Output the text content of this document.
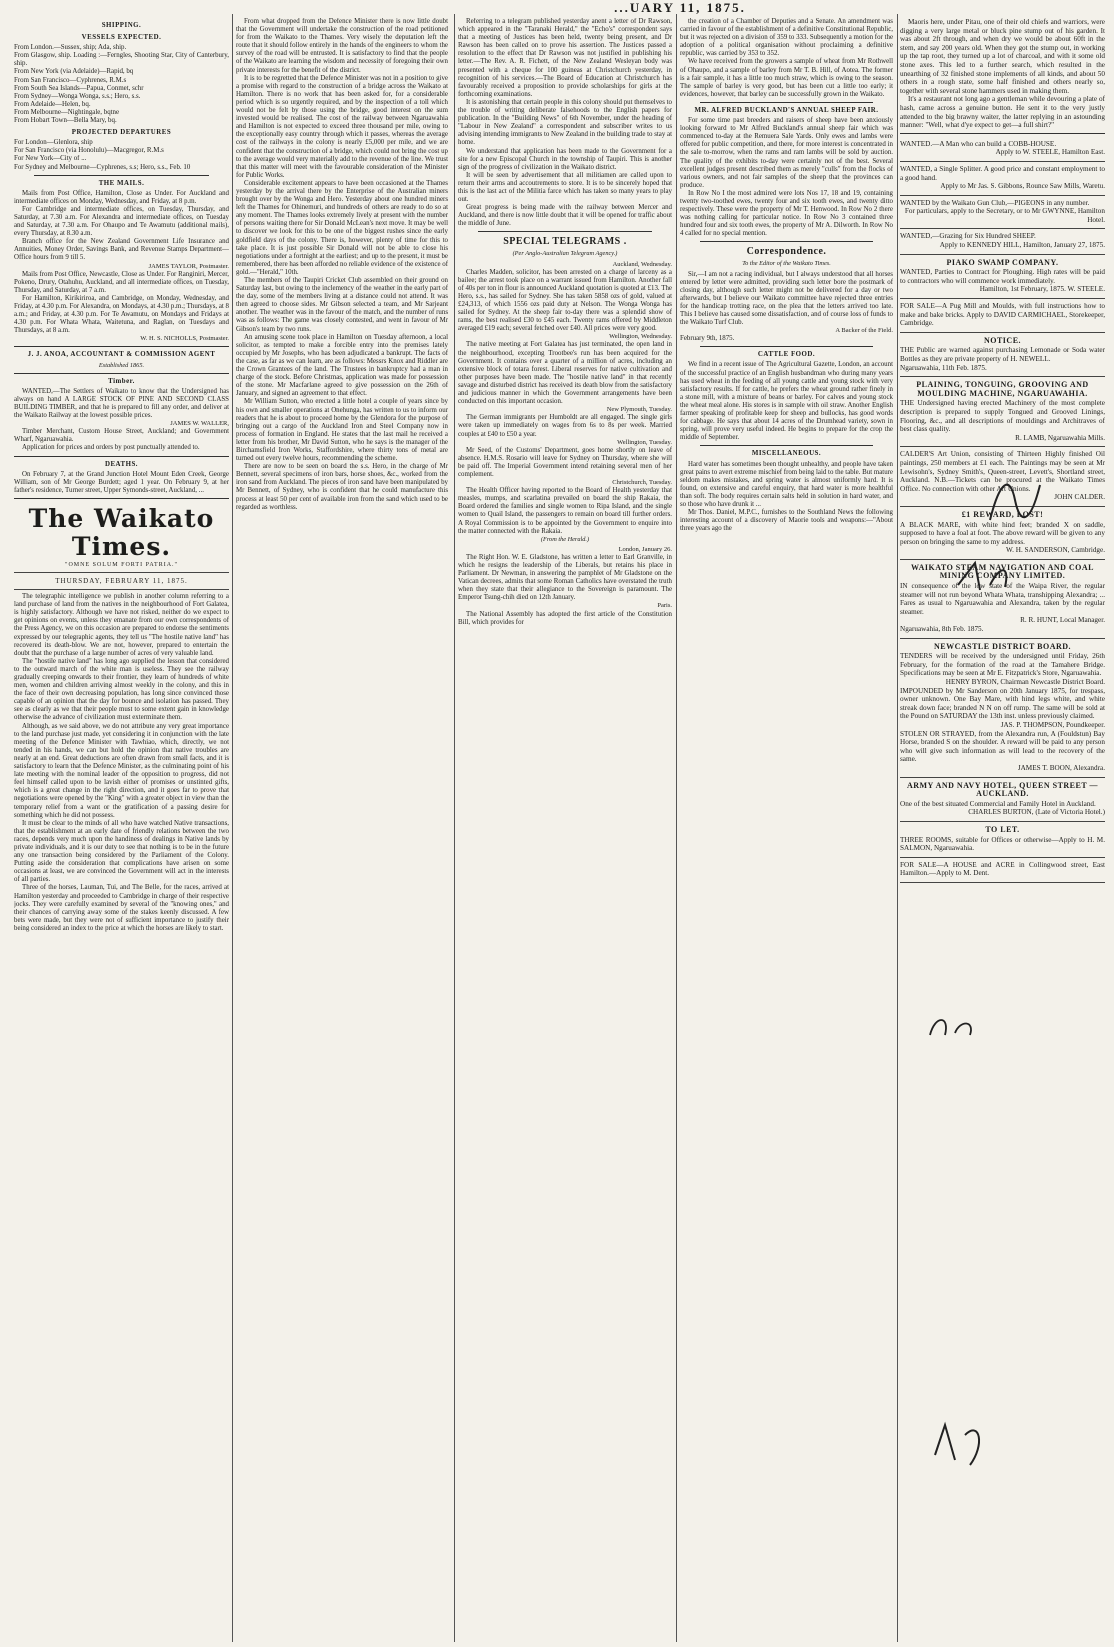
...UARY 11, 1875.
SHIPPING.
VESSELS EXPECTED.
From London.—Sussex, ship; Ada, ship.
From Glasgow, ship. Loading :—Ferngles, Shooting Star, City of Canterbury, ship.
From New York (via Adelaide)—Rapid, bq
From San Francisco—Cyphrenes, R.M.s
From South Sea Islands—Papua, Conmet, schr
From Sydney—Wonga Wonga, s.s.; Hero, s.s.
From Adelaide—Helen, bq.
From Melbourne—Nightingale, bqtne
From Hobart Town—Bella Mary, bq.
PROJECTED DEPARTURES
For London—Glenlora, ship
For San Francisco (via Honolulu)—Macgregor, R.M.s
For New York—City of ...
For Sydney and Melbourne—Cyphrenes, s.s; Hero, s.s., Feb. 10
THE MAILS.

Mails from Post Office, Hamilton, Close as Under. For Auckland and intermediate offices on Monday, Wednesday, and Friday, at 8 p.m.

For Cambridge and intermediate offices, on Tuesday, Thursday, and Saturday, at 7.30 a.m. For Alexandra and intermediate offices, on Tuesday and Saturday, at 7.30 a.m. For Ohaupo and Te Awamutu (additional mails), every Thursday, at 8.30 a.m.

Branch office for the New Zealand Government Life Insurance and Annuities, Money Order, Savings Bank, and Revenue Stamps Department—Office hours from 9 till 5.

JAMES TAYLOR, Postmaster.

Mails from Post Office, Newcastle, Close as Under. For Ranginiri, Mercer, Pokeno, Drury, Otahuhu, Auckland, and all intermediate offices, on Tuesday, Thursday, and Saturday, at 7 a.m.

For Hamilton, Kirikiriroa, and Cambridge, on Monday, Wednesday, and Friday, at 4.30 p.m. For Alexandra, on Mondays, at 4.30 p.m.; Thursdays, at 8 a.m.; and Friday, at 4.30 p.m. For Te Awamutu, on Mondays and Fridays at 4.30 p.m. For Whata Whata, Waitetuna, and Raglan, on Tuesdays and Thursdays, at 8 a.m.

W. H. S. NICHOLLS, Postmaster.
J. J. ANOA, ACCOUNTANT & COMMISSION AGENT
Established 1865.
Timber.

WANTED,—The Settlers of Waikato to know that the Undersigned has always on hand A LARGE STOCK OF PINE AND SECOND CLASS BUILDING TIMBER, and that he is prepared to fill any order, and deliver at the Waikato Railway at the lowest possible prices.

JAMES W. WALLER,

Timber Merchant, Custom House Street, Auckland; and Government Wharf, Ngaruawahia.

Application for prices and orders by post punctually attended to.

DEATHS.

On February 7, at the Grand Junction Hotel Mount Eden Creek, George William, son of Mr George Burdett; aged 1 year. On February 9, at her father's residence, Turner street, Upper Symonds-street, Auckland, ...

The Waikato Times.
"OMNE SOLUM FORTI PATRIA."
THURSDAY, FEBRUARY 11, 1875.

The telegraphic intelligence we publish in another column referring to a land purchase of land from the natives in the neighbourhood of Fort Galatea, is highly satisfactory. Although we have not risked, neither do we expect to get opinions on events, unless they emanate from our own correspondents of the Press Agency, we on this occasion are prepared to endorse the sentiments expressed by our telegraphic agents, they tell us "The hostile native land" has recovered its death-blow. We are not, however, prepared to entertain the doubt that the purchase of a large number of acres of very valuable land.

The "hostile native land" has long ago supplied the lesson that considered to the outward march of the white man is useless. They see the railway gradually creeping onwards to their frontier, they learn of hundreds of white men, women and children arriving almost weekly in the colony, and this in the face of their own decreasing population, has long since convinced those capable of an opinion that the day for bounce and isolation has passed. They see as clearly as we that their people must to some extent gain in knowledge otherwise the advance of civilization must exterminate them.

Although, as we said above, we do not attribute any very great importance to the land purchase just made, yet considering it in conjunction with the late meeting of the Defence Minister with Tawhiao, which, directly, we not tended in his hands, we can but hold the opinion that native troubles are nearly at an end. Great deductions are often drawn from small facts, and it is satisfactory to learn that the Defence Minister, as the culminating point of his late meeting with the nominal leader of the opposition to progress, did not feel himself called upon to be lavish either of promises or unstinted gifts, which is a great change in the right direction, and it goes far to prove that negotiations were opened by the "King" with a greater object in view than the temporary relief from a want or the gratification of a passing desire for something which he did not possess.

It must be clear to the minds of all who have watched Native transactions, that the establishment at an early date of friendly relations between the two races, depends very much upon the handiness of dealings in Native lands by private individuals, and it is our duty to see that nothing is to be in the future any one transaction being considered by the Parliament of the Colony. Putting aside the consideration that complications have arisen on some occasions at least, we are convinced the Government will act in the interests of all parties.

Three of the horses, Lauman, Tui, and The Belle, for the races, arrived at Hamilton yesterday and proceeded to Cambridge in charge of their respective jocks. They were carefully examined by several of the "knowing ones," and their chances of carrying away some of the stakes keenly discussed. A few bets were made, but they were not of sufficient importance to justify their being considered an index to the price at which the horses are likely to start.

From what dropped from the Defence Minister there is now little doubt that the Government will undertake the construction of the road petitioned for from the Waikato to the Thames. Very wisely the deputation left the route that it should follow entirely in the hands of the engineers to whom the survey of the road will be entrusted. It is satisfactory to find that the people of the Waikato are learning the wisdom and necessity of foregoing their own private interests for the benefit of the district.

It is to be regretted that the Defence Minister was not in a position to give a promise with regard to the construction of a bridge across the Waikato at Hamilton. There is no work that has been asked for, for a considerable period which is so urgently required, and by the inspection of a toll which would not be felt by those using the bridge, good interest on the sum invested would be realised. The cost of the railway between Ngaruawahia and Hamilton is not expected to exceed three thousand per mile, owing to the exceptionally easy country through which it passes, whereas the average cost of the railways in the colony is nearly £5,000 per mile, and we are confident that the construction of a bridge, which could not bring the cost up to the average would very materially add to the revenue of the line. We trust that this matter will meet with the favourable consideration of the Minister for Public Works.

Considerable excitement appears to have been occasioned at the Thames yesterday by the arrival there by the Enterprise of the Australian miners brought over by the Wonga and Hero. Yesterday about one hundred miners left the Thames for Ohinemuri, and hundreds of others are ready to do so at any moment. The Thames looks extremely lively at present with the number of persons waiting there for Sir Donald McLean's next move. It may be well to discover we look for this to be one of the biggest rushes since the early goldfield days of the colony. There is, however, plenty of time for this to take place. It is just possible Sir Donald will not be able to close his negotiations under a fortnight at the earliest; and up to the present, it must be remembered, there has been afforded no reliable evidence of the existence of gold.—"Herald," 10th.

The members of the Taupiri Cricket Club assembled on their ground on Saturday last, but owing to the inclemency of the weather in the early part of the day, some of the members living at a distance could not attend. It was then agreed to choose sides. Mr Gibson selected a team, and Mr Sarjeant another. The weather was in the favour of the match, and the number of runs was as follows: The game was closely contested, and went in favour of Mr Gibson's team by two runs.

An amusing scene took place in Hamilton on Tuesday afternoon, a local solicitor, as tempted to make a forcible entry into the premises lately occupied by Mr Josephs, who has been adjudicated a bankrupt. The facts of the case, as far as we can learn, are as follows: Messrs Knox and Riddler are the Crown Grantees of the land. The Trustees in bankruptcy had a man in charge of the stock. Before Christmas, application was made for possession of the stone. Mr Macfarlane agreed to give possession on the 26th of January, and signed an agreement to that effect.

Mr William Sutton, who erected a little hotel a couple of years since by his own and smaller operations at Onehunga, has written to us to inform our readers that he is about to proceed home by the Glendora for the purpose of bringing out a cargo of the Auckland Iron and Steel Company now in process of formation in England. He states that the last mail he received a letter from his brother, Mr David Sutton, who he says is the manager of the Birchamsfield Iron Works, Staffordshire, where thirty tons of metal are turned out every twelve hours, recommending the scheme.

There are now to be seen on board the s.s. Hero, in the charge of Mr Bennett, several specimens of iron bars, horse shoes, &c., worked from the iron sand from Auckland. The pieces of iron sand have been manipulated by Mr Bennett, of Sydney, who is confident that he could manufacture this process at least 50 per cent of available iron from the sand which used to be regarded as worthless.

Referring to a telegram published yesterday anent a letter of Dr Rawson, which appeared in the "Taranaki Herald," the "Echo's" correspondent says that a meeting of Justices has been held, twenty being present, and Dr Rawson has been called on to prove his assertion. The Justices passed a resolution to the effect that Dr Rawson was not justified in publishing his letter.—The Rev. A. R. Fichett, of the New Zealand Wesleyan body was presented with a cheque for 100 guineas at Christchurch yesterday, in recognition of his services.—The Board of Education at Christchurch has favourably received a proposition to provide scholarships for girls at the forthcoming examinations.

It is astonishing that certain people in this colony should put themselves to the trouble of writing deliberate falsehoods to the English papers for publication. In the "Building News" of 6th November, under the heading of "Labour in New Zealand" a correspondent and subscriber writes to us advising intending immigrants to New Zealand in the building trade to stay at home.

We understand that application has been made to the Government for a site for a new Episcopal Church in the township of Taupiri. This is another sign of the progress of civilization in the Waikato district.

It will be seen by advertisement that all militiamen are called upon to return their arms and accoutrements to store. It is to be sincerely hoped that this is the last act of the Militia farce which has taken so many years to play out.

Great progress is being made with the railway between Mercer and Auckland, and there is now little doubt that it will be opened for traffic about the middle of June.

SPECIAL TELEGRAMS .
(Per Anglo-Australian Telegram Agency.)
Auckland, Wednesday.

Charles Madden, solicitor, has been arrested on a charge of larceny as a bailee; the arrest took place on a warrant issued from Hamilton. Another fall of 40s per ton in flour is announced Auckland quotation is quoted at £13. The Hero, s.s., has sailed for Sydney. She has taken 5858 ozs of gold, valued at £24,313, of which 1556 ozs paid duty at Nelson. The Wonga Wonga has sailed for Sydney. At the sheep fair to-day there was a splendid show of rams, the best realised £30 to £45 each. Twenty rams offered by Middleton averaged £19 each; several fetched over £40. All prices were very good.

Wellington, Wednesday.

The native meeting at Fort Galatea has just terminated, the open land in the neighbourhood, excepting Trootbee's run has been acquired for the Government. It contains over a quarter of a million of acres, including an extensive block of totara forest. Liberal reserves for native cultivation and other purposes have been made. The "hostile native land" in that recently savage and disturbed district has received its death blow from the satisfactory and judicious manner in which the Government arrangements have been conducted on this important occasion.

New Plymouth, Tuesday.

The German immigrants per Humboldt are all engaged. The single girls were taken up immediately on wages from 6s to 8s per week. Married couples at £40 to £50 a year.

Wellington, Tuesday.

Mr Seed, of the Customs' Department, goes home shortly on leave of absence. H.M.S. Rosario will leave for Sydney on Thursday, where she will be paid off. The Imperial Government intend retaining several men of her complement.

Christchurch, Tuesday.

The Health Officer having reported to the Board of Health yesterday that measles, mumps, and scarlatina prevailed on board the ship Rakaia, the Board ordered the families and single women to Ripa Island, and the single women to Quail Island, the passengers to remain on board till further orders. A Royal Commission is to be appointed by the Government to enquire into the matter connected with the Rakaia.

(From the Herald.)
London, January 26.

The Right Hon. W. E. Gladstone, has written a letter to Earl Granville, in which he resigns the leadership of the Liberals, but retains his place in Parliament. Dr Newman, in answering the pamphlet of Mr Gladstone on the Vatican decrees, admits that some Roman Catholics have overstated the truth when they state that their allegiance to the Sovereign is paramount. The Emperor Tsung-chih died on 12th January.

Paris.

The National Assembly has adopted the first article of the Constitution Bill, which provides for

the creation of a Chamber of Deputies and a Senate. An amendment was carried in favour of the establishment of a definitive Constitutional Republic, but it was rejected on a division of 359 to 333. Subsequently a motion for the adoption of a political organisation without proclaiming a definitive republic, was carried by 353 to 352.

We have received from the growers a sample of wheat from Mr Rothwell of Ohaupo, and a sample of barley from Mr T. B. Hill, of Aotea. The former is a fair sample, it has a little too much straw, which is owing to the season. The sample of barley is very good, but has been cut a little too early; it evidences, however, that barley can be successfully grown in the Waikato.

MR. ALFRED BUCKLAND'S ANNUAL SHEEP FAIR.

For some time past breeders and raisers of sheep have been anxiously looking forward to Mr Alfred Buckland's annual sheep fair which was commenced to-day at the Remuera Sale Yards. Only ewes and lambs were offered for public competition, and there, for more interest is concentrated in the sale to-morrow, when the rams and ram lambs will be sold by auction. The quality of the exhibits to-day were certainly not of the best. Several excellent judges present described them as merely "culls" from the flocks of various owners, and not fair samples of the sheep that the provinces can produce.

In Row No I the most admired were lots Nos 17, 18 and 19, containing twenty two-toothed ewes, twenty four and six tooth ewes, and twenty ditto respectively. These were the property of Mr T. Henwood. In Row No 2 there was nothing calling for particular notice. In Row No 3 contained three hundred four and six tooth ewes, the property of Mr A. Dilworth. In Row No 4 called for no special mention.

Correspondence.
To the Editor of the Waikato Times.

Sir,—I am not a racing individual, but I always understood that all horses entered by letter were admitted, providing such letter bore the postmark of closing day, although such letter might not be delivered for a day or two afterwards, but I believe our Waikato committee have rejected three entries for the handicap trotting race, on the plea that the letters arrived too late. This I believe has caused some dissatisfaction, and of course loss of funds to the Waikato Turf Club.

A Backer of the Field.
February 9th, 1875.
CATTLE FOOD.

We find in a recent issue of The Agricultural Gazette, London, an account of the successful practice of an English husbandman who during many years has used wheat in the feeding of all young cattle and young stock with very satisfactory results. If for cattle, he prefers the wheat ground rather finely in a stone mill, with a mixture of beans or barley. For calves and young stock the wheat meal alone. His stores is in sample with oil straw. Another English farmer speaking of profitable keep for sheep and bullocks, has good words for cabbage. He says that about 14 acres of the Drumhead variety, sown in spring, will prove very useful indeed. He begins to prepare for the crop the middle of September.

MISCELLANEOUS.

Hard water has sometimes been thought unhealthy, and people have taken great pains to avert extreme mischief from being laid to the table. But mature seldom makes mistakes, and spring water is almost uniformly hard. It is found, on extensive and careful enquiry, that hard water is more healthful than soft. The body requires certain salts held in solution in hard water, and so those who have drunk it ...

Mr Thos. Daniel, M.P.C., furnishes to the Southland News the following interesting account of a discovery of Maorie tools and weapons:—"About three years ago the

Maoris here, under Pitau, one of their old chiefs and warriors, were digging a very large metal or bluck pine stump out of his garden. It was about 2ft through, and when dry we would be about 60ft in the stem, and say 200 years old. When they got the stump out, in working up the tap root, they turned up a lot of charcoal, and with it some old stone axes. This led to a further search, which resulted in the unearthing of 32 finished stone implements of all kinds, and about 50 others in a rough state, some half finished and others nearly so, together with several stone hammers used in making them.

It's a restaurant not long ago a gentleman while devouring a plate of hash, came across a genuine button. He sent it to the very justly attended to the big brawny waiter, the latter replying in an astounding manner: "Well, what d'ye expect to get—a full shirt?"

WANTED.—A Man who can build a COBB-HOUSE.
Apply to W. STEELE, Hamilton East.
WANTED, a Single Splitter. A good price and constant employment to a good hand.
Apply to Mr Jas. S. Gibbons, Rounce Saw Mills, Waretu.
WANTED by the Waikato Gun Club,—PIGEONS in any number.
For particulars, apply to the Secretary, or to Mr GWYNNE, Hamilton Hotel.
WANTED,—Grazing for Six Hundred SHEEP.
Apply to KENNEDY HILL, Hamilton, January 27, 1875.
PIAKO SWAMP COMPANY.
WANTED, Parties to Contract for Ploughing. High rates will be paid to contractors who will commence work immediately.
Hamilton, 1st February, 1875. W. STEELE.
FOR SALE—A Pug Mill and Moulds, with full instructions how to make and bake bricks. Apply to DAVID CARMICHAEL, Storekeeper, Cambridge.
NOTICE.
THE Public are warned against purchasing Lemonade or Soda water Bottles as they are private property of H. NEWELL.
Ngaruawahia, 11th Feb. 1875.
PLAINING, TONGUING, GROOVING AND MOULDING MACHINE, NGARUAWAHIA.
THE Undersigned having erected Machinery of the most complete description is prepared to supply Tongued and Grooved Linings, Flooring, &c., and all descriptions of mouldings and Architraves of best class quality.
R. LAMB, Ngaruawahia Mills.
CALDER'S Art Union, consisting of Thirteen Highly finished Oil paintings, 250 members at £1 each. The Paintings may be seen at Mr Lewisohn's, Sydney Smith's, Queen-street, Levett's, Shortland street, Auckland. N.B.—Tickets can be procured at the Waikato Times Office. No connection with other Art Unions.
JOHN CALDER.
£1 REWARD, LOST!
A BLACK MARE, with white hind feet; branded X on saddle, supposed to have a foal at foot. The above reward will be given to any person on bringing the same to my address.
W. H. SANDERSON, Cambridge.
WAIKATO STEAM NAVIGATION AND COAL MINING COMPANY LIMITED.
IN consequence of the low state of the Waipa River, the regular steamer will not run beyond Whata Whata, transhipping Alexandra; ... Fares as usual to Ngaruawahia and Alexandra, taken by the regular steamer.
R. R. HUNT, Local Manager.
Ngaruawahia, 8th Feb. 1875.
NEWCASTLE DISTRICT BOARD.
TENDERS will be received by the undersigned until Friday, 26th February, for the formation of the road at the Tamahere Bridge. Specifications may be seen at Mr E. Fitzpatrick's Store, Ngaruawahia.
HENRY BYRON, Chairman Newcastle District Board.
IMPOUNDED by Mr Sanderson on 20th January 1875, for trespass, owner unknown. One Bay Mare, with hind legs white, and white streak down face; branded N N on off rump. The same will be sold at the Pound on SATURDAY the 13th inst. unless previously claimed.
JAS. P. THOMPSON, Poundkeeper.
STOLEN OR STRAYED, from the Alexandra run, A (Fouldstun) Bay Horse, branded S on the shoulder. A reward will be paid to any person who will give such information as will lead to the recovery of the same.
JAMES T. BOON, Alexandra.
ARMY AND NAVY HOTEL, QUEEN STREET —AUCKLAND.
One of the best situated Commercial and Family Hotel in Auckland.
CHARLES BURTON, (Late of Victoria Hotel.)
TO LET.
THREE ROOMS, suitable for Offices or otherwise—Apply to H. M. SALMON, Ngaruawahia.
FOR SALE—A HOUSE and ACRE in Collingwood street, East Hamilton.—Apply to M. Dent.
